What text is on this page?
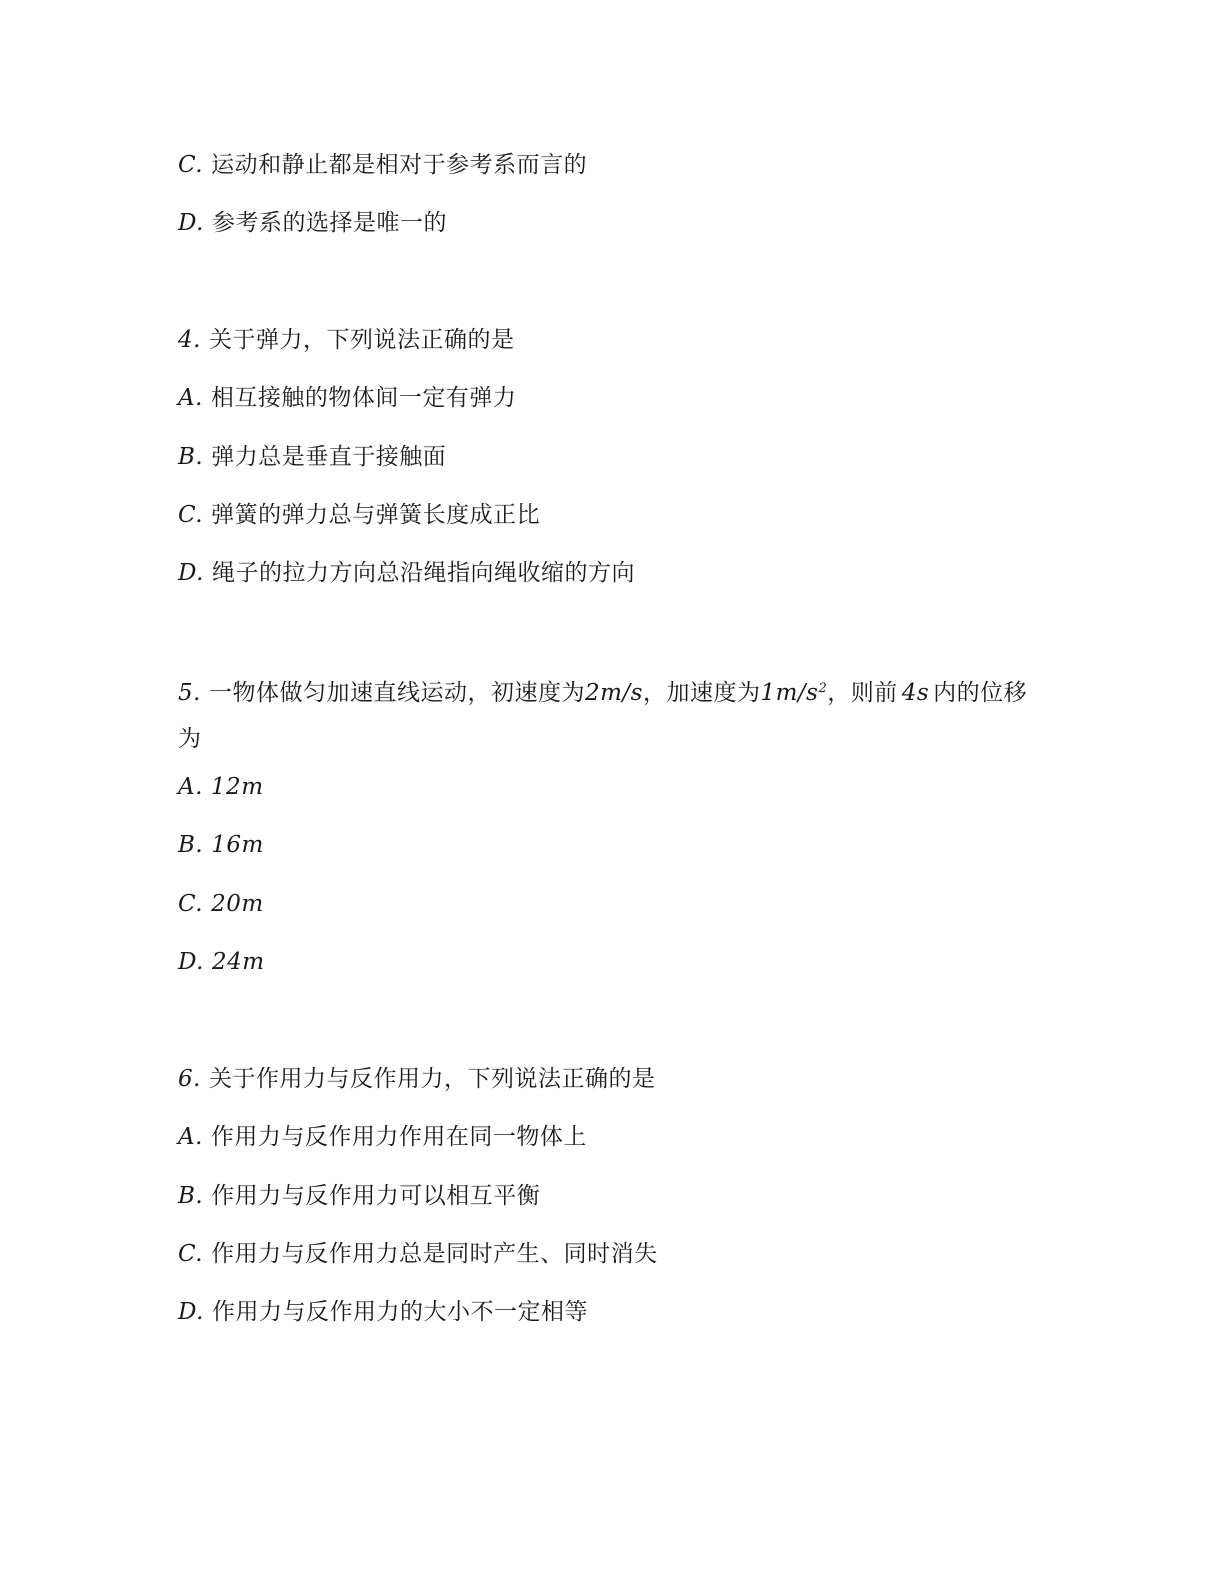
C. 运动和静止都是相对于参考系而言的
D. 参考系的选择是唯一的
4. 关于弹力，下列说法正确的是
A. 相互接触的物体间一定有弹力
B. 弹力总是垂直于接触面
C. 弹簧的弹力总与弹簧长度成正比
D. 绳子的拉力方向总沿绳指向绳收缩的方向
5. 一物体做匀加速直线运动，初速度为2m/s，加速度为$1m/s^2$，则前 4s 内的位移为
A. 12m
B. 16m
C. 20m
D. 24m
6. 关于作用力与反作用力，下列说法正确的是
A. 作用力与反作用力作用在同一物体上
B. 作用力与反作用力可以相互平衡
C. 作用力与反作用力总是同时产生、同时消失
D. 作用力与反作用力的大小不一定相等
